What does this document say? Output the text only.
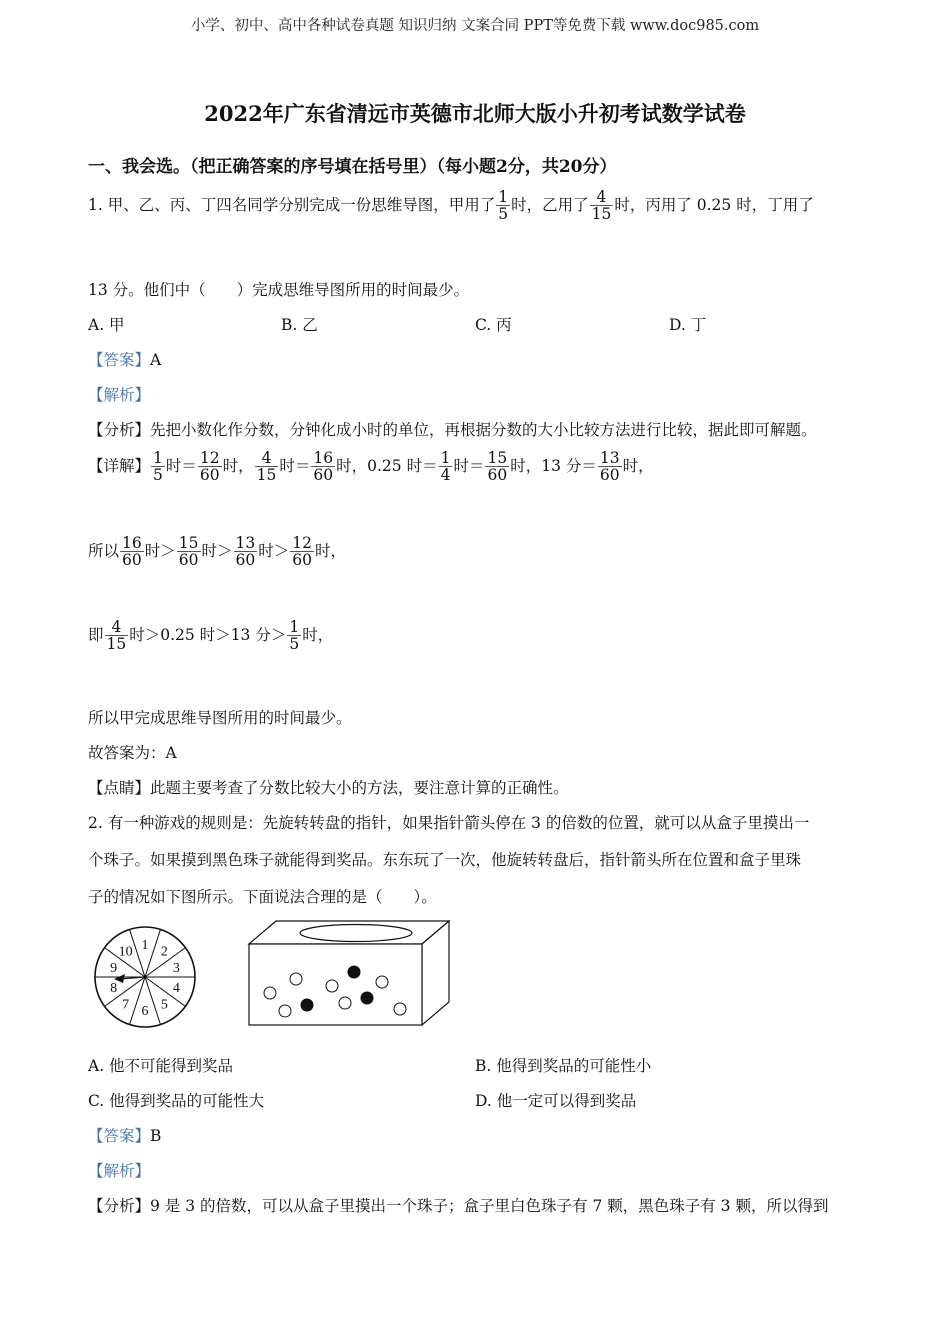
小学、初中、高中各种试卷真题 知识归纳 文案合同 PPT等免费下载 www.doc985.com
2022年广东省清远市英德市北师大版小升初考试数学试卷
一、我会选。（把正确答案的序号填在括号里）（每小题2分，共20分）
1. 甲、乙、丙、丁四名同学分别完成一份思维导图，甲用了 $\frac{1}{5}$ 时，乙用了 $\frac{4}{15}$ 时，丙用了 0.25 时，丁用了
13 分。他们中（　　）完成思维导图所用的时间最少。
A. 甲	B. 乙	C. 丙	D. 丁
【答案】A
【解析】
【分析】先把小数化作分数，分钟化成小时的单位，再根据分数的大小比较方法进行比较，据此即可解题。
【详解】 $\frac{1}{5}$ 时＝ $\frac{12}{60}$ 时， $\frac{4}{15}$ 时＝ $\frac{16}{60}$ 时，0.25 时＝ $\frac{1}{4}$ 时＝ $\frac{15}{60}$ 时，13 分＝ $\frac{13}{60}$ 时，
所以 $\frac{16}{60}$ 时＞ $\frac{15}{60}$ 时＞ $\frac{13}{60}$ 时＞ $\frac{12}{60}$ 时，
即 $\frac{4}{15}$ 时＞0.25 时＞13 分＞ $\frac{1}{5}$ 时，
所以甲完成思维导图所用的时间最少。
故答案为：A
【点睛】此题主要考查了分数比较大小的方法，要注意计算的正确性。
2. 有一种游戏的规则是：先旋转转盘的指针，如果指针箭头停在 3 的倍数的位置，就可以从盒子里摸出一
个珠子。如果摸到黑色珠子就能得到奖品。东东玩了一次，他旋转转盘后，指针箭头所在位置和盒子里珠
子的情况如下图所示。下面说法合理的是（　　）。
1 2
3
4
5
6
7
8
9
10
A. 他不可能得到奖品	B. 他得到奖品的可能性小
C. 他得到奖品的可能性大	D. 他一定可以得到奖品
【答案】B
【解析】
【分析】9 是 3 的倍数，可以从盒子里摸出一个珠子；盒子里白色珠子有 7 颗，黑色珠子有 3 颗，所以得到
